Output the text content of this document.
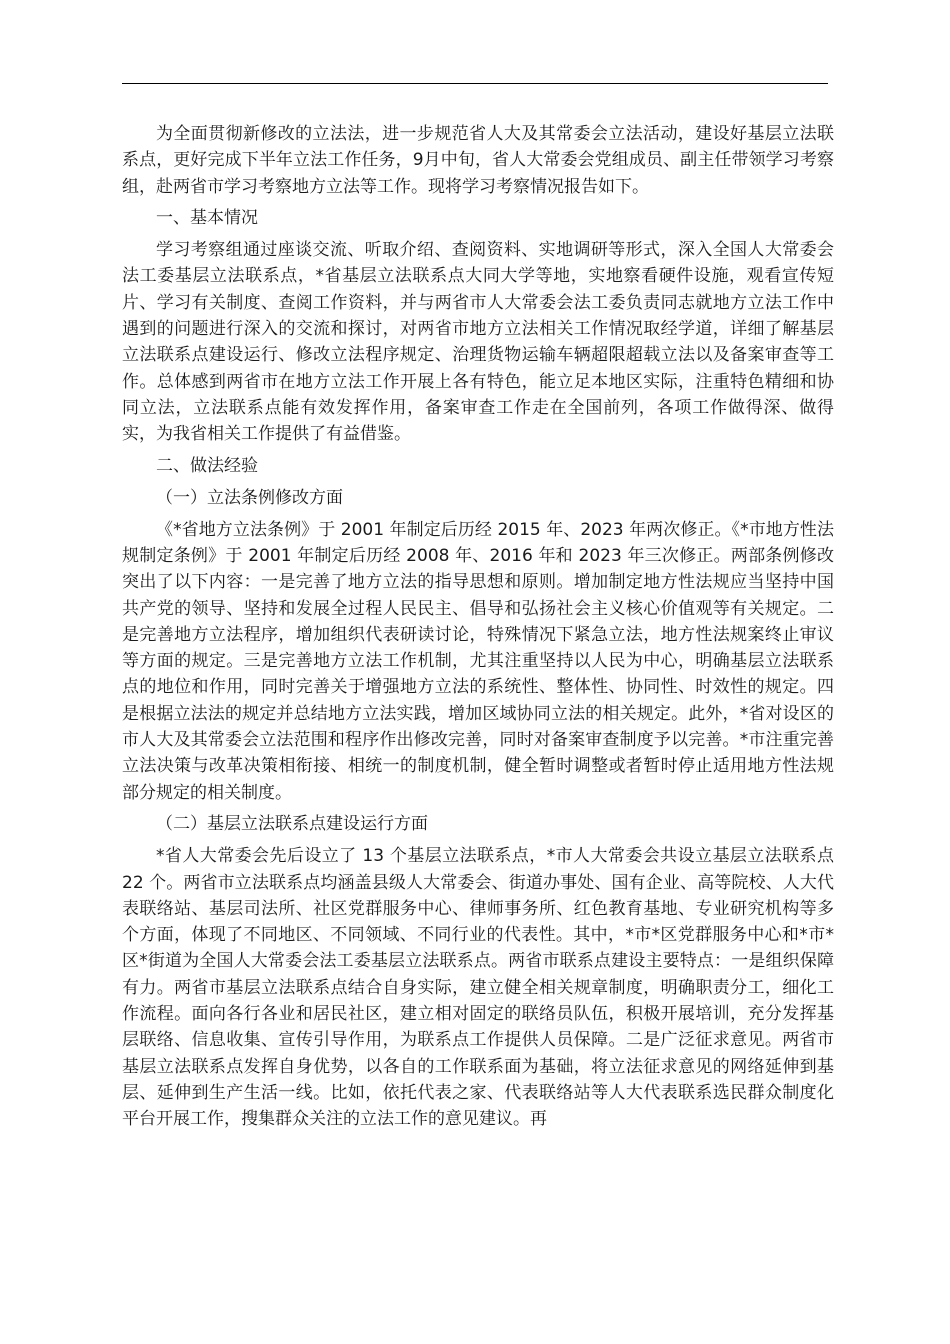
为全面贯彻新修改的立法法，进一步规范省人大及其常委会立法活动，建设好基层立法联系点，更好完成下半年立法工作任务，9月中旬，省人大常委会党组成员、副主任带领学习考察组，赴两省市学习考察地方立法等工作。现将学习考察情况报告如下。

一、基本情况

学习考察组通过座谈交流、听取介绍、查阅资料、实地调研等形式，深入全国人大常委会法工委基层立法联系点，*省基层立法联系点大同大学等地，实地察看硬件设施，观看宣传短片、学习有关制度、查阅工作资料，并与两省市人大常委会法工委负责同志就地方立法工作中遇到的问题进行深入的交流和探讨，对两省市地方立法相关工作情况取经学道，详细了解基层立法联系点建设运行、修改立法程序规定、治理货物运输车辆超限超载立法以及备案审查等工作。总体感到两省市在地方立法工作开展上各有特色，能立足本地区实际，注重特色精细和协同立法，立法联系点能有效发挥作用，备案审查工作走在全国前列，各项工作做得深、做得实，为我省相关工作提供了有益借鉴。

二、做法经验

（一）立法条例修改方面

《*省地方立法条例》于 2001 年制定后历经 2015 年、2023 年两次修正。《*市地方性法规制定条例》于 2001 年制定后历经 2008 年、2016 年和 2023 年三次修正。两部条例修改突出了以下内容：一是完善了地方立法的指导思想和原则。增加制定地方性法规应当坚持中国共产党的领导、坚持和发展全过程人民民主、倡导和弘扬社会主义核心价值观等有关规定。二是完善地方立法程序，增加组织代表研读讨论，特殊情况下紧急立法，地方性法规案终止审议等方面的规定。三是完善地方立法工作机制，尤其注重坚持以人民为中心，明确基层立法联系点的地位和作用，同时完善关于增强地方立法的系统性、整体性、协同性、时效性的规定。四是根据立法法的规定并总结地方立法实践，增加区域协同立法的相关规定。此外，*省对设区的市人大及其常委会立法范围和程序作出修改完善，同时对备案审查制度予以完善。*市注重完善立法决策与改革决策相衔接、相统一的制度机制，健全暂时调整或者暂时停止适用地方性法规部分规定的相关制度。

（二）基层立法联系点建设运行方面

*省人大常委会先后设立了 13 个基层立法联系点，*市人大常委会共设立基层立法联系点 22 个。两省市立法联系点均涵盖县级人大常委会、街道办事处、国有企业、高等院校、人大代表联络站、基层司法所、社区党群服务中心、律师事务所、红色教育基地、专业研究机构等多个方面，体现了不同地区、不同领域、不同行业的代表性。其中，*市*区党群服务中心和*市*区*街道为全国人大常委会法工委基层立法联系点。两省市联系点建设主要特点：一是组织保障有力。两省市基层立法联系点结合自身实际，建立健全相关规章制度，明确职责分工，细化工作流程。面向各行各业和居民社区，建立相对固定的联络员队伍，积极开展培训，充分发挥基层联络、信息收集、宣传引导作用，为联系点工作提供人员保障。二是广泛征求意见。两省市基层立法联系点发挥自身优势，以各自的工作联系面为基础，将立法征求意见的网络延伸到基层、延伸到生产生活一线。比如，依托代表之家、代表联络站等人大代表联系选民群众制度化平台开展工作，搜集群众关注的立法工作的意见建议。再
